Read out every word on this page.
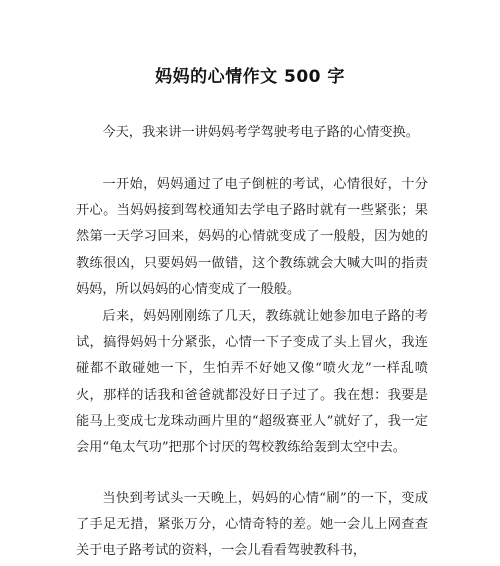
妈妈的心情作文 500 字

今天，我来讲一讲妈妈考学驾驶考电子路的心情变换。

一开始，妈妈通过了电子倒桩的考试，心情很好，十分开心。当妈妈接到驾校通知去学电子路时就有一些紧张；果然第一天学习回来，妈妈的心情就变成了一般般，因为她的教练很凶，只要妈妈一做错，这个教练就会大喊大叫的指责妈妈，所以妈妈的心情变成了一般般。

后来，妈妈刚刚练了几天，教练就让她参加电子路的考试，搞得妈妈十分紧张，心情一下子变成了头上冒火，我连碰都不敢碰她一下，生怕弄不好她又像“喷火龙”一样乱喷火，那样的话我和爸爸就都没好日子过了。我在想：我要是能马上变成七龙珠动画片里的“超级赛亚人”就好了，我一定会用“龟太气功”把那个讨厌的驾校教练给轰到太空中去。

当快到考试头一天晚上，妈妈的心情“刷”的一下，变成了手足无措，紧张万分，心情奇特的差。她一会儿上网查查关于电子路考试的资料，一会儿看看驾驶教科书，
